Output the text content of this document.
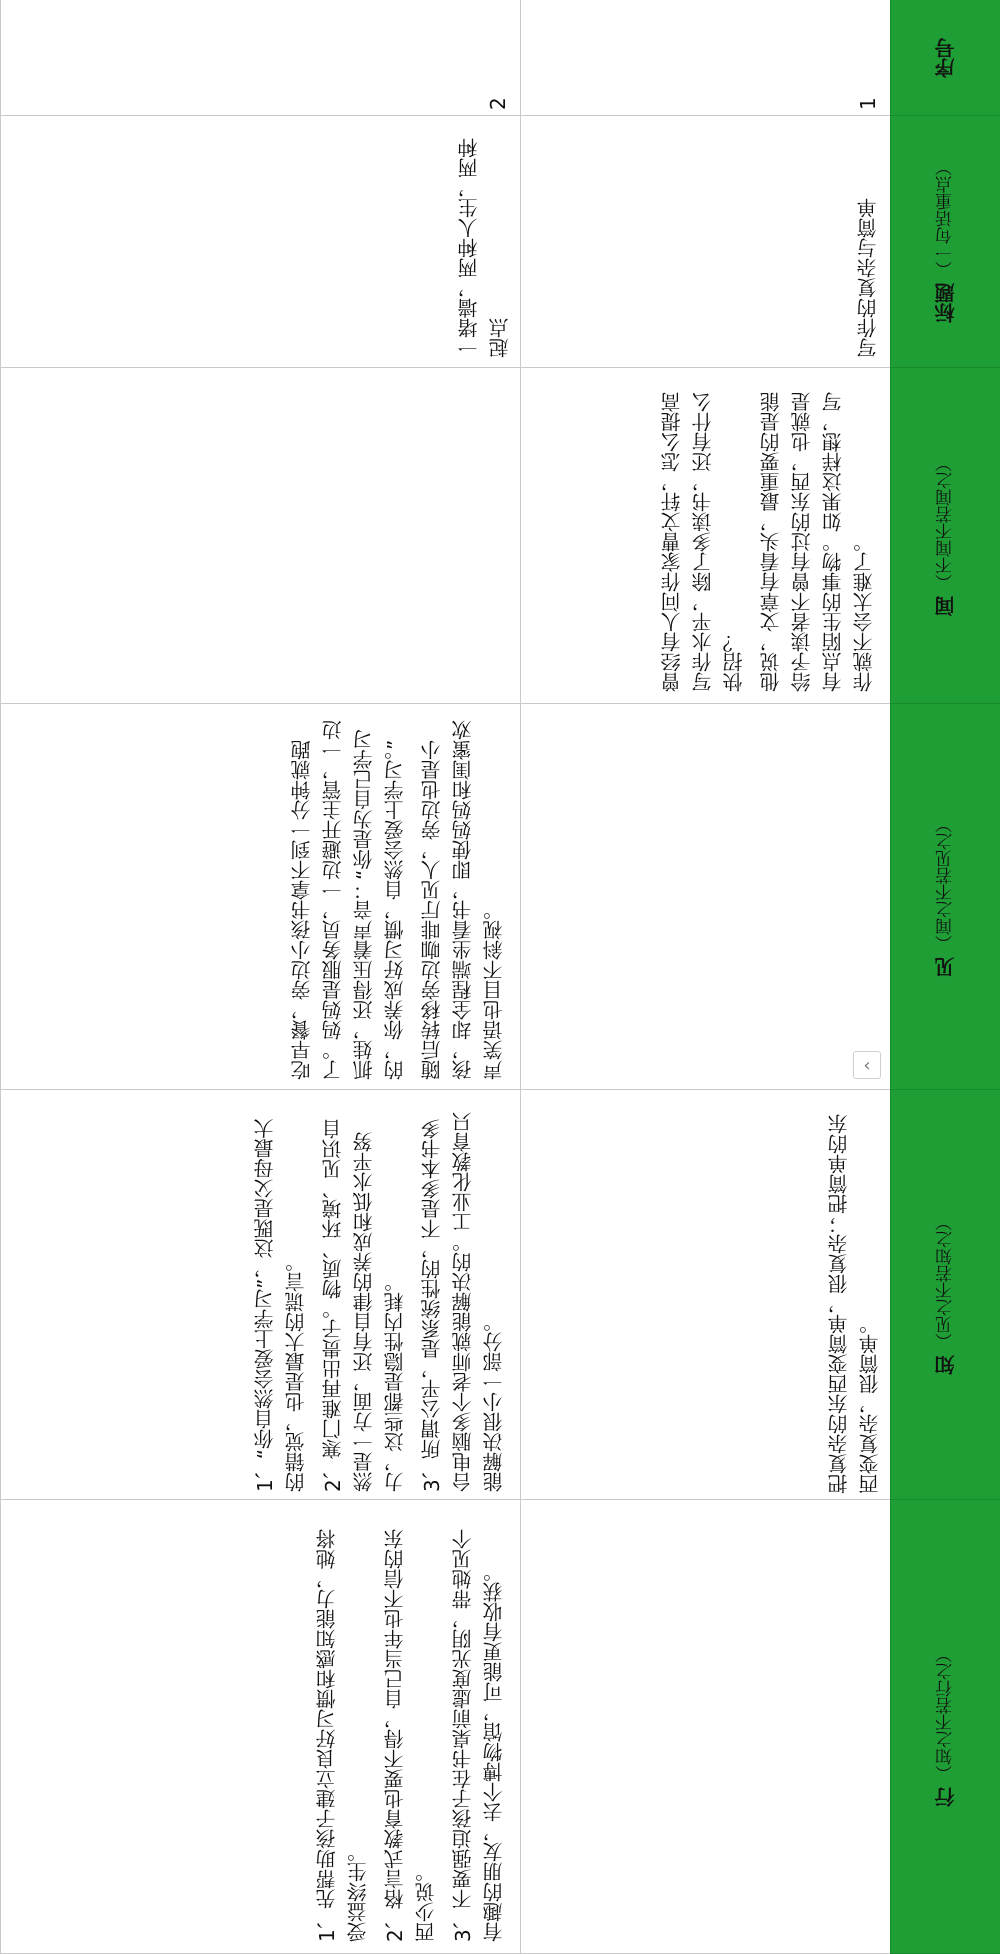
序号
标题 （一句话重点）
闻 （不闻不若闻之）
见 （闻之不若见之）
知 （见之不若知之）
行 （知之不若行之）
1
写作的复杂与简单
曾经有人问作家曹文轩，怎么提高写作水平，除了多读书，还有什么快招？ 他说，文章有看头，最重要的是能给予读者不曾有过的东西，也就是有点陌生的事物。如果这样想，写作就不会太难了。
把复杂的东西变简单，很复杂；把简单的东西变复杂，很简单。
2
一堵墙，两种人生，两种起点
吃早餐，旁边小孩书拿不到一分钟就跑了。妈妈是服务员，一边避开主管，一边抓娃，还得压着声音：“你是为自己学习的，你养成好习惯，自然会爱上学习。” 随后转移旁边咖啡厅见人，旁边也是小孩，却全程端坐看书，即使妈妈和闺蜜欢声笑语也目不斜视。
1、“你自然会爱上学习”，这既是父母最大的错觉，也是最大的谎言。 2、寒门难再出贵子。物质、环境、见识自然是一方面，还有自律的养成和低水平努力，这些都是隐性内耗。 3、所谓公平，是系统性的，不是多本书多台电脑多个老师就能解决的。工业化教育只能解决很小一部分。
1、先帮助孩子建立良好习惯和感知能力，她将受益终生。 2、格言式教育也要不得，自己当年也不信的东西少说。 3、不要强迫孩子在书桌前虚度光阴，带她见个有趣的朋友，去个博物馆，可能更有收获。
‹
